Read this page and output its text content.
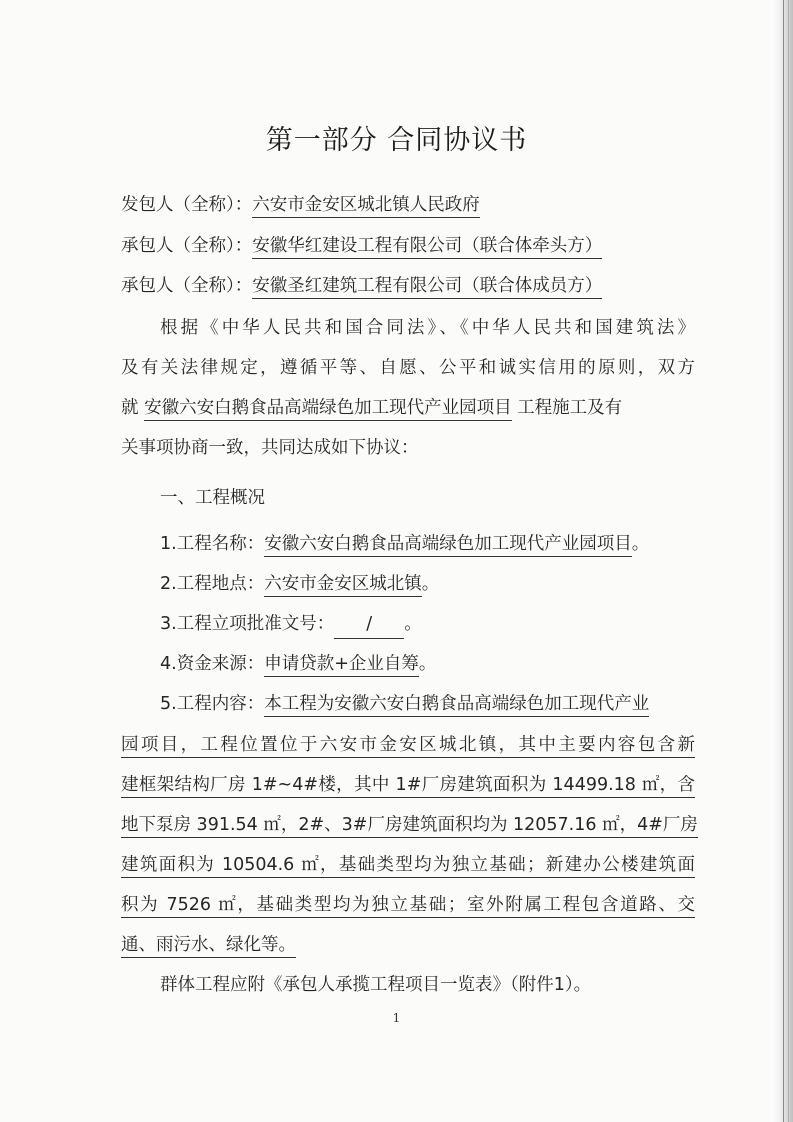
第一部分 合同协议书
发包人（全称）：六安市金安区城北镇人民政府
承包人（全称）：安徽华红建设工程有限公司（联合体牵头方）
承包人（全称）：安徽圣红建筑工程有限公司（联合体成员方）
根据《中华人民共和国合同法》、《中华人民共和国建筑法》
及有关法律规定，遵循平等、自愿、公平和诚实信用的原则，双方
就 安徽六安白鹅食品高端绿色加工现代产业园项目 工程施工及有
关事项协商一致，共同达成如下协议：
一、工程概况
1.工程名称：安徽六安白鹅食品高端绿色加工现代产业园项目。
2.工程地点：六安市金安区城北镇。
3.工程立项批准文号： / 。
4.资金来源：申请贷款+企业自筹。
5.工程内容：本工程为安徽六安白鹅食品高端绿色加工现代产业
园项目，工程位置位于六安市金安区城北镇，其中主要内容包含新
建框架结构厂房 1#~4#楼，其中 1#厂房建筑面积为 14499.18 ㎡，含
地下泵房 391.54 ㎡，2#、3#厂房建筑面积均为 12057.16 ㎡，4#厂房
建筑面积为 10504.6 ㎡，基础类型均为独立基础；新建办公楼建筑面
积为 7526 ㎡，基础类型均为独立基础；室外附属工程包含道路、交
通、雨污水、绿化等。
群体工程应附《承包人承揽工程项目一览表》（附件1）。
1
